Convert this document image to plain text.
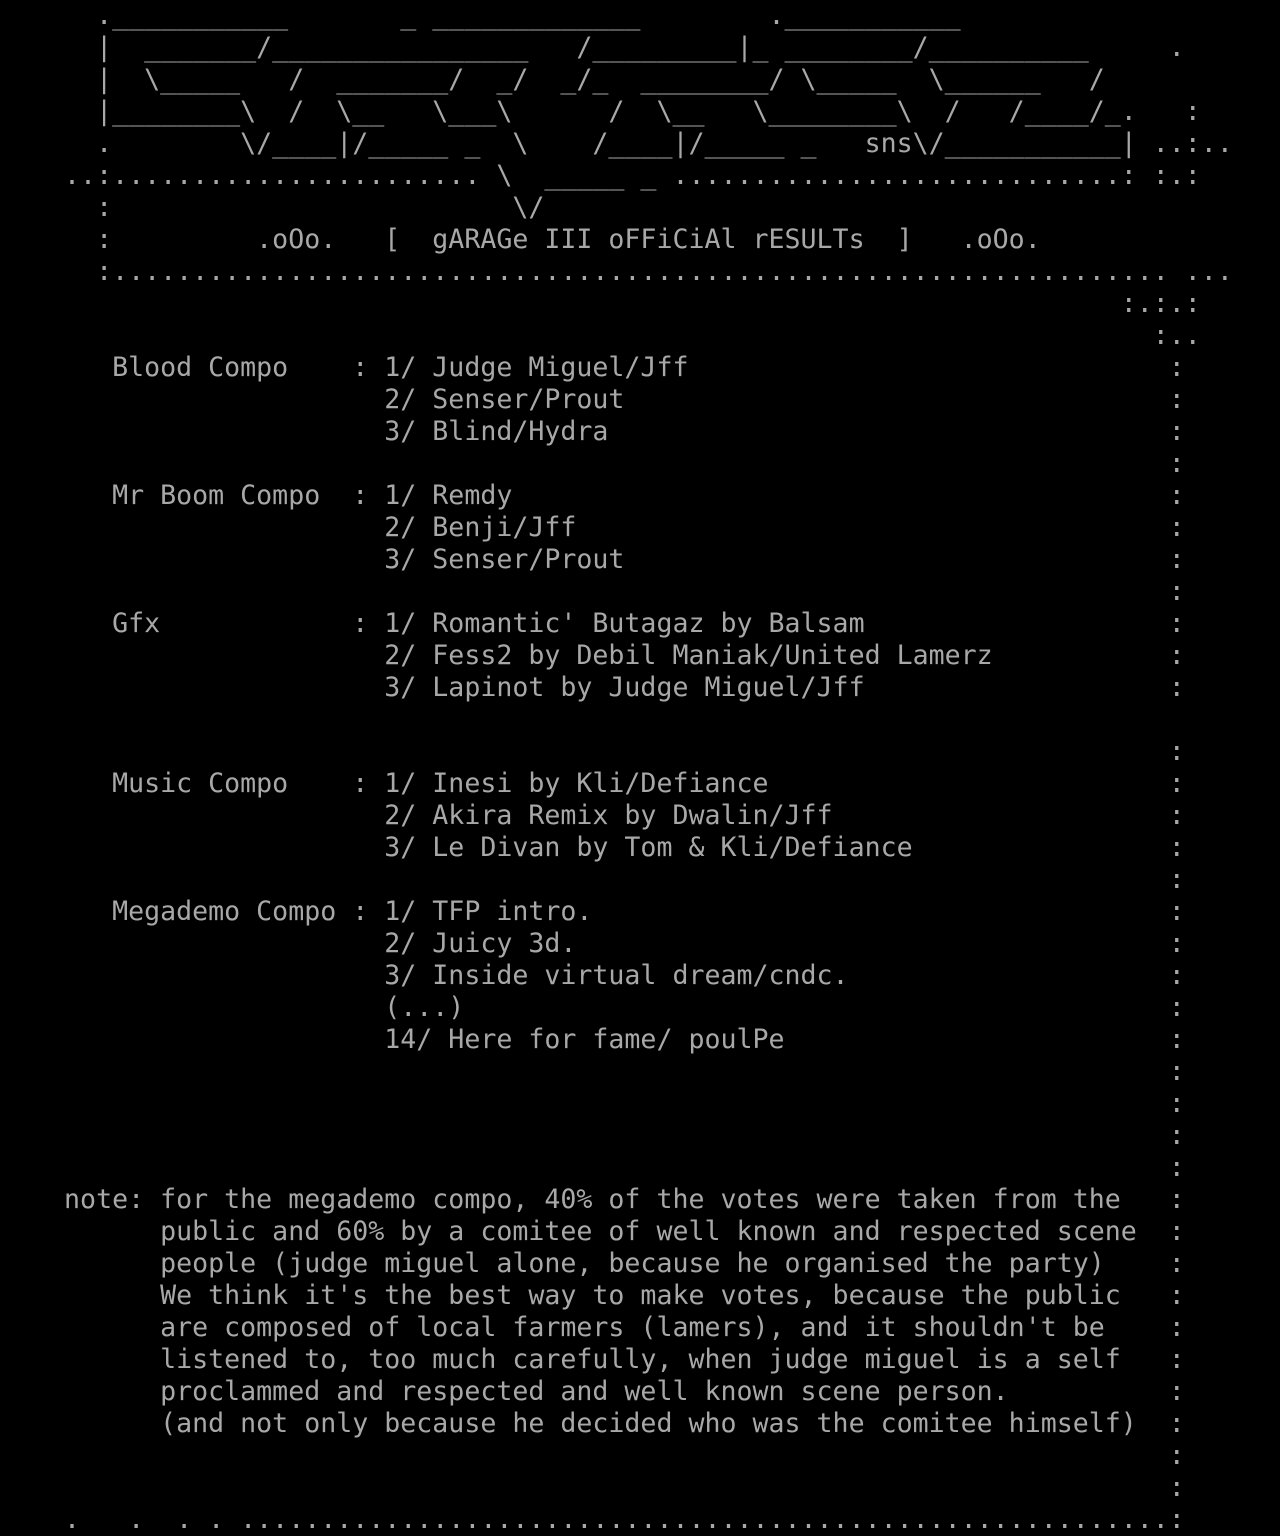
.___________       _ _____________        .___________
|  _______/________________   /_________|_ ________/__________     .
|  \_____   /  _______/  _/  _/_  ________/ \_____  \______   /
|________\  /  \__   \___\      /  \__   \________\  /   /____/_.   :
.        \/____|/_____ _  \    /____|/_____ _   sns\/___________| ..:..
..:....................... \  _____ _ ............................: :.:
:                         \/
:         .oOo.   [  gARAGe III oFFiCiAl rESULTs  ]   .oOo.
:.................................................................. ...
:.:.:
:..
Blood Compo    : 1/ Judge Miguel/Jff                              :
2/ Senser/Prout                                  :
3/ Blind/Hydra                                   :
:
Mr Boom Compo  : 1/ Remdy                                         :
2/ Benji/Jff                                     :
3/ Senser/Prout                                  :
:
Gfx            : 1/ Romantic' Butagaz by Balsam                   :
2/ Fess2 by Debil Maniak/United Lamerz           :
3/ Lapinot by Judge Miguel/Jff                   :
:
Music Compo    : 1/ Inesi by Kli/Defiance                         :
2/ Akira Remix by Dwalin/Jff                     :
3/ Le Divan by Tom & Kli/Defiance                :
:
Megademo Compo : 1/ TFP intro.                                    :
2/ Juicy 3d.                                     :
3/ Inside virtual dream/cndc.                    :
(...)                                            :
14/ Here for fame/ poulPe                        :
:
:
:
:
note: for the megademo compo, 40% of the votes were taken from the   :
public and 60% by a comitee of well known and respected scene  :
people (judge miguel alone, because he organised the party)    :
We think it's the best way to make votes, because the public   :
are composed of local farmers (lamers), and it shouldn't be    :
listened to, too much carefully, when judge miguel is a self   :
proclammed and respected and well known scene person.          :
(and not only because he decided who was the comitee himself)  :
:
:
.   .  . . ..........................................................:
